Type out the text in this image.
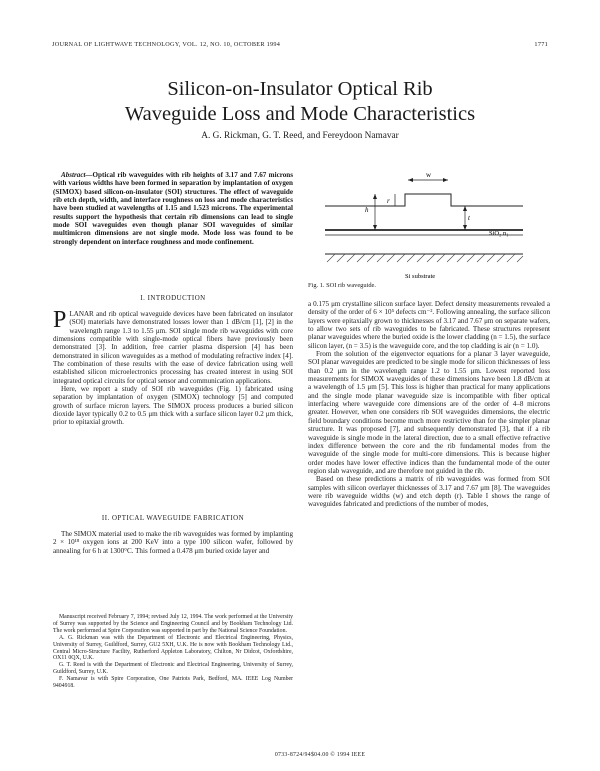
JOURNAL OF LIGHTWAVE TECHNOLOGY, VOL. 12, NO. 10, OCTOBER 1994	1771
Silicon-on-Insulator Optical Rib
Waveguide Loss and Mode Characteristics
A. G. Rickman, G. T. Reed, and Fereydoon Namavar

Abstract—Optical rib waveguides with rib heights of 3.17 and 7.67 microns with various widths have been formed in separation by implantation of oxygen (SIMOX) based silicon-on-insulator (SOI) structures. The effect of waveguide rib etch depth, width, and interface roughness on loss and mode characteristics have been studied at wavelengths of 1.15 and 1.523 microns. The experimental results support the hypothesis that certain rib dimensions can lead to single mode SOI waveguides even though planar SOI waveguides of similar multimicron dimensions are not single mode. Mode loss was found to be strongly dependent on interface roughness and mode confinement.

I. INTRODUCTION

PLANAR and rib optical waveguide devices have been fabricated on insulator (SOI) materials have demonstrated losses lower than 1 dB/cm [1], [2] in the wavelength range 1.3 to 1.55 μm. SOI single mode rib waveguides with core dimensions compatible with single-mode optical fibers have previously been demonstrated [3]. In addition, free carrier plasma dispersion [4] has been demonstrated in silicon waveguides as a method of modulating refractive index [4]. The combination of these results with the ease of device fabrication using well established silicon microelectronics processing has created interest in using SOI integrated optical circuits for optical sensor and communication applications.

Here, we report a study of SOI rib waveguides (Fig. 1) fabricated using separation by implantation of oxygen (SIMOX) technology [5] and computed growth of surface micron layers. The SIMOX process produces a buried silicon dioxide layer typically 0.2 to 0.5 μm thick with a surface silicon layer 0.2 μm thick, prior to epitaxial growth.

II. OPTICAL WAVEGUIDE FABRICATION

The SIMOX material used to make the rib waveguides was formed by implanting 2 × 10¹⁸ oxygen ions at 200 KeV into a type 100 silicon wafer, followed by annealing for 6 h at 1300°C. This formed a 0.478 μm buried oxide layer and

Manuscript received February 7, 1994; revised July 12, 1994. The work performed at the University of Surrey was supported by the Science and Engineering Council and by Bookham Technology Ltd. The work performed at Spire Corporation was supported in part by the National Science Foundation.

A. G. Rickman was with the Department of Electronic and Electrical Engineering, Physics, University of Surrey, Guildford, Surrey, GU2 5XH, U.K. He is now with Bookham Technology Ltd., Central Micro-Structure Facility, Rutherford Appleton Laboratory, Chilton, Nr Didcot, Oxfordshire, OX11 0QX, U.K.

G. T. Reed is with the Department of Electronic and Electrical Engineering, University of Surrey, Guildford, Surrey, U.K.

F. Namavar is with Spire Corporation, One Patriots Park, Bedford, MA. IEEE Log Number 9404918.

w
h
r
t
SiO₂ n₁
Si substrate
Fig. 1. SOI rib waveguide.

a 0.175 μm crystalline silicon surface layer. Defect density measurements revealed a density of the order of 6 × 10⁵ defects cm⁻². Following annealing, the surface silicon layers were epitaxially grown to thicknesses of 3.17 and 7.67 μm on separate wafers, to allow two sets of rib waveguides to be fabricated. These structures represent planar waveguides where the buried oxide is the lower cladding (n = 1.5), the surface silicon layer, (n = 3.5) is the waveguide core, and the top cladding is air (n = 1.0).

From the solution of the eigenvector equations for a planar 3 layer waveguide, SOI planar waveguides are predicted to be single mode for silicon thicknesses of less than 0.2 μm in the wavelength range 1.2 to 1.55 μm. Lowest reported loss measurements for SIMOX waveguides of these dimensions have been 1.8 dB/cm at a wavelength of 1.5 μm [5]. This loss is higher than practical for many applications and the single mode planar waveguide size is incompatible with fiber optical interfacing where waveguide core dimensions are of the order of 4–8 microns greater. However, when one considers rib SOI waveguides dimensions, the electric field boundary conditions become much more restrictive than for the simpler planar structure. It was proposed [7], and subsequently demonstrated [3], that if a rib waveguide is single mode in the lateral direction, due to a small effective refractive index difference between the core and the rib fundamental modes from the waveguide of the single mode for multi-core dimensions. This is because higher order modes have lower effective indices than the fundamental mode of the outer region slab waveguide, and are therefore not guided in the rib.

Based on these predictions a matrix of rib waveguides was formed from SOI samples with silicon overlayer thicknesses of 3.17 and 7.67 μm [8]. The waveguides were rib waveguide widths (w) and etch depth (r). Table I shows the range of waveguides fabricated and predictions of the number of modes,

0733-8724/94$04.00 © 1994 IEEE
